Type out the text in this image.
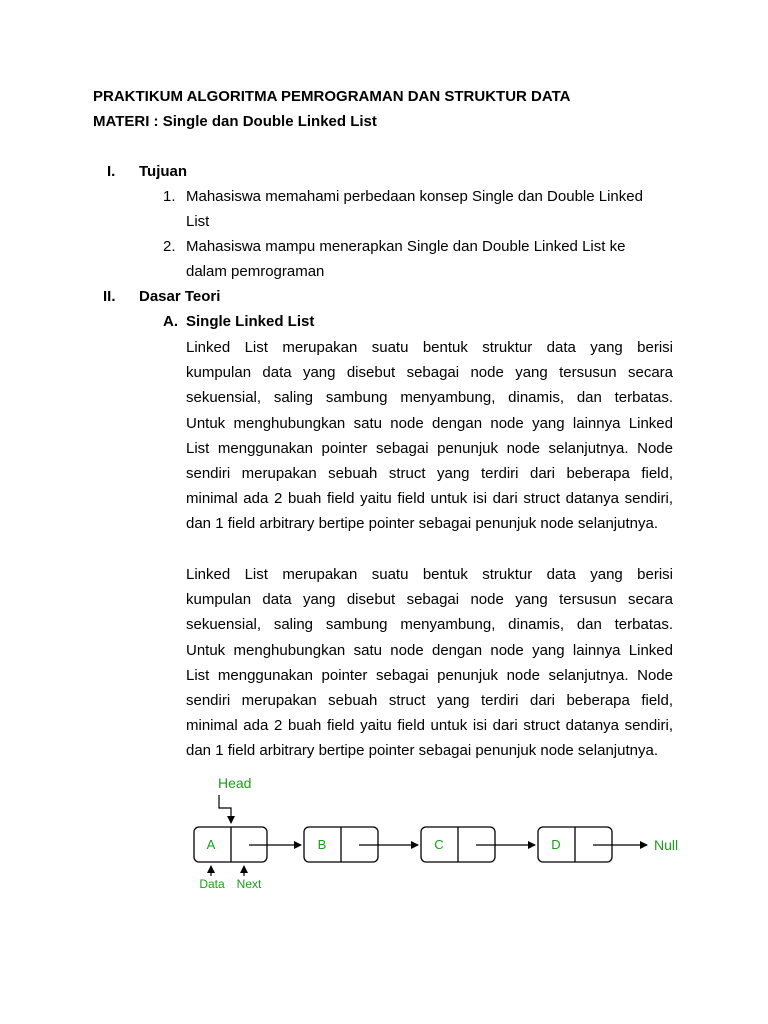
PRAKTIKUM ALGORITMA PEMROGRAMAN DAN STRUKTUR DATA
MATERI : Single dan Double Linked List
I. Tujuan
1. Mahasiswa memahami perbedaan konsep Single dan Double Linked
List
2. Mahasiswa mampu menerapkan Single dan Double Linked List ke
dalam pemrograman
II. Dasar Teori
A. Single Linked List
Linked List merupakan suatu bentuk struktur data yang berisi
kumpulan data yang disebut sebagai node yang tersusun secara
sekuensial, saling sambung menyambung, dinamis, dan terbatas.
Untuk menghubungkan satu node dengan node yang lainnya Linked
List menggunakan pointer sebagai penunjuk node selanjutnya. Node
sendiri merupakan sebuah struct yang terdiri dari beberapa field,
minimal ada 2 buah field yaitu field untuk isi dari struct datanya sendiri,
dan 1 field arbitrary bertipe pointer sebagai penunjuk node selanjutnya.
Linked List merupakan suatu bentuk struktur data yang berisi
kumpulan data yang disebut sebagai node yang tersusun secara
sekuensial, saling sambung menyambung, dinamis, dan terbatas.
Untuk menghubungkan satu node dengan node yang lainnya Linked
List menggunakan pointer sebagai penunjuk node selanjutnya. Node
sendiri merupakan sebuah struct yang terdiri dari beberapa field,
minimal ada 2 buah field yaitu field untuk isi dari struct datanya sendiri,
dan 1 field arbitrary bertipe pointer sebagai penunjuk node selanjutnya.
Head
A	B	C	D	Null
Data Next
